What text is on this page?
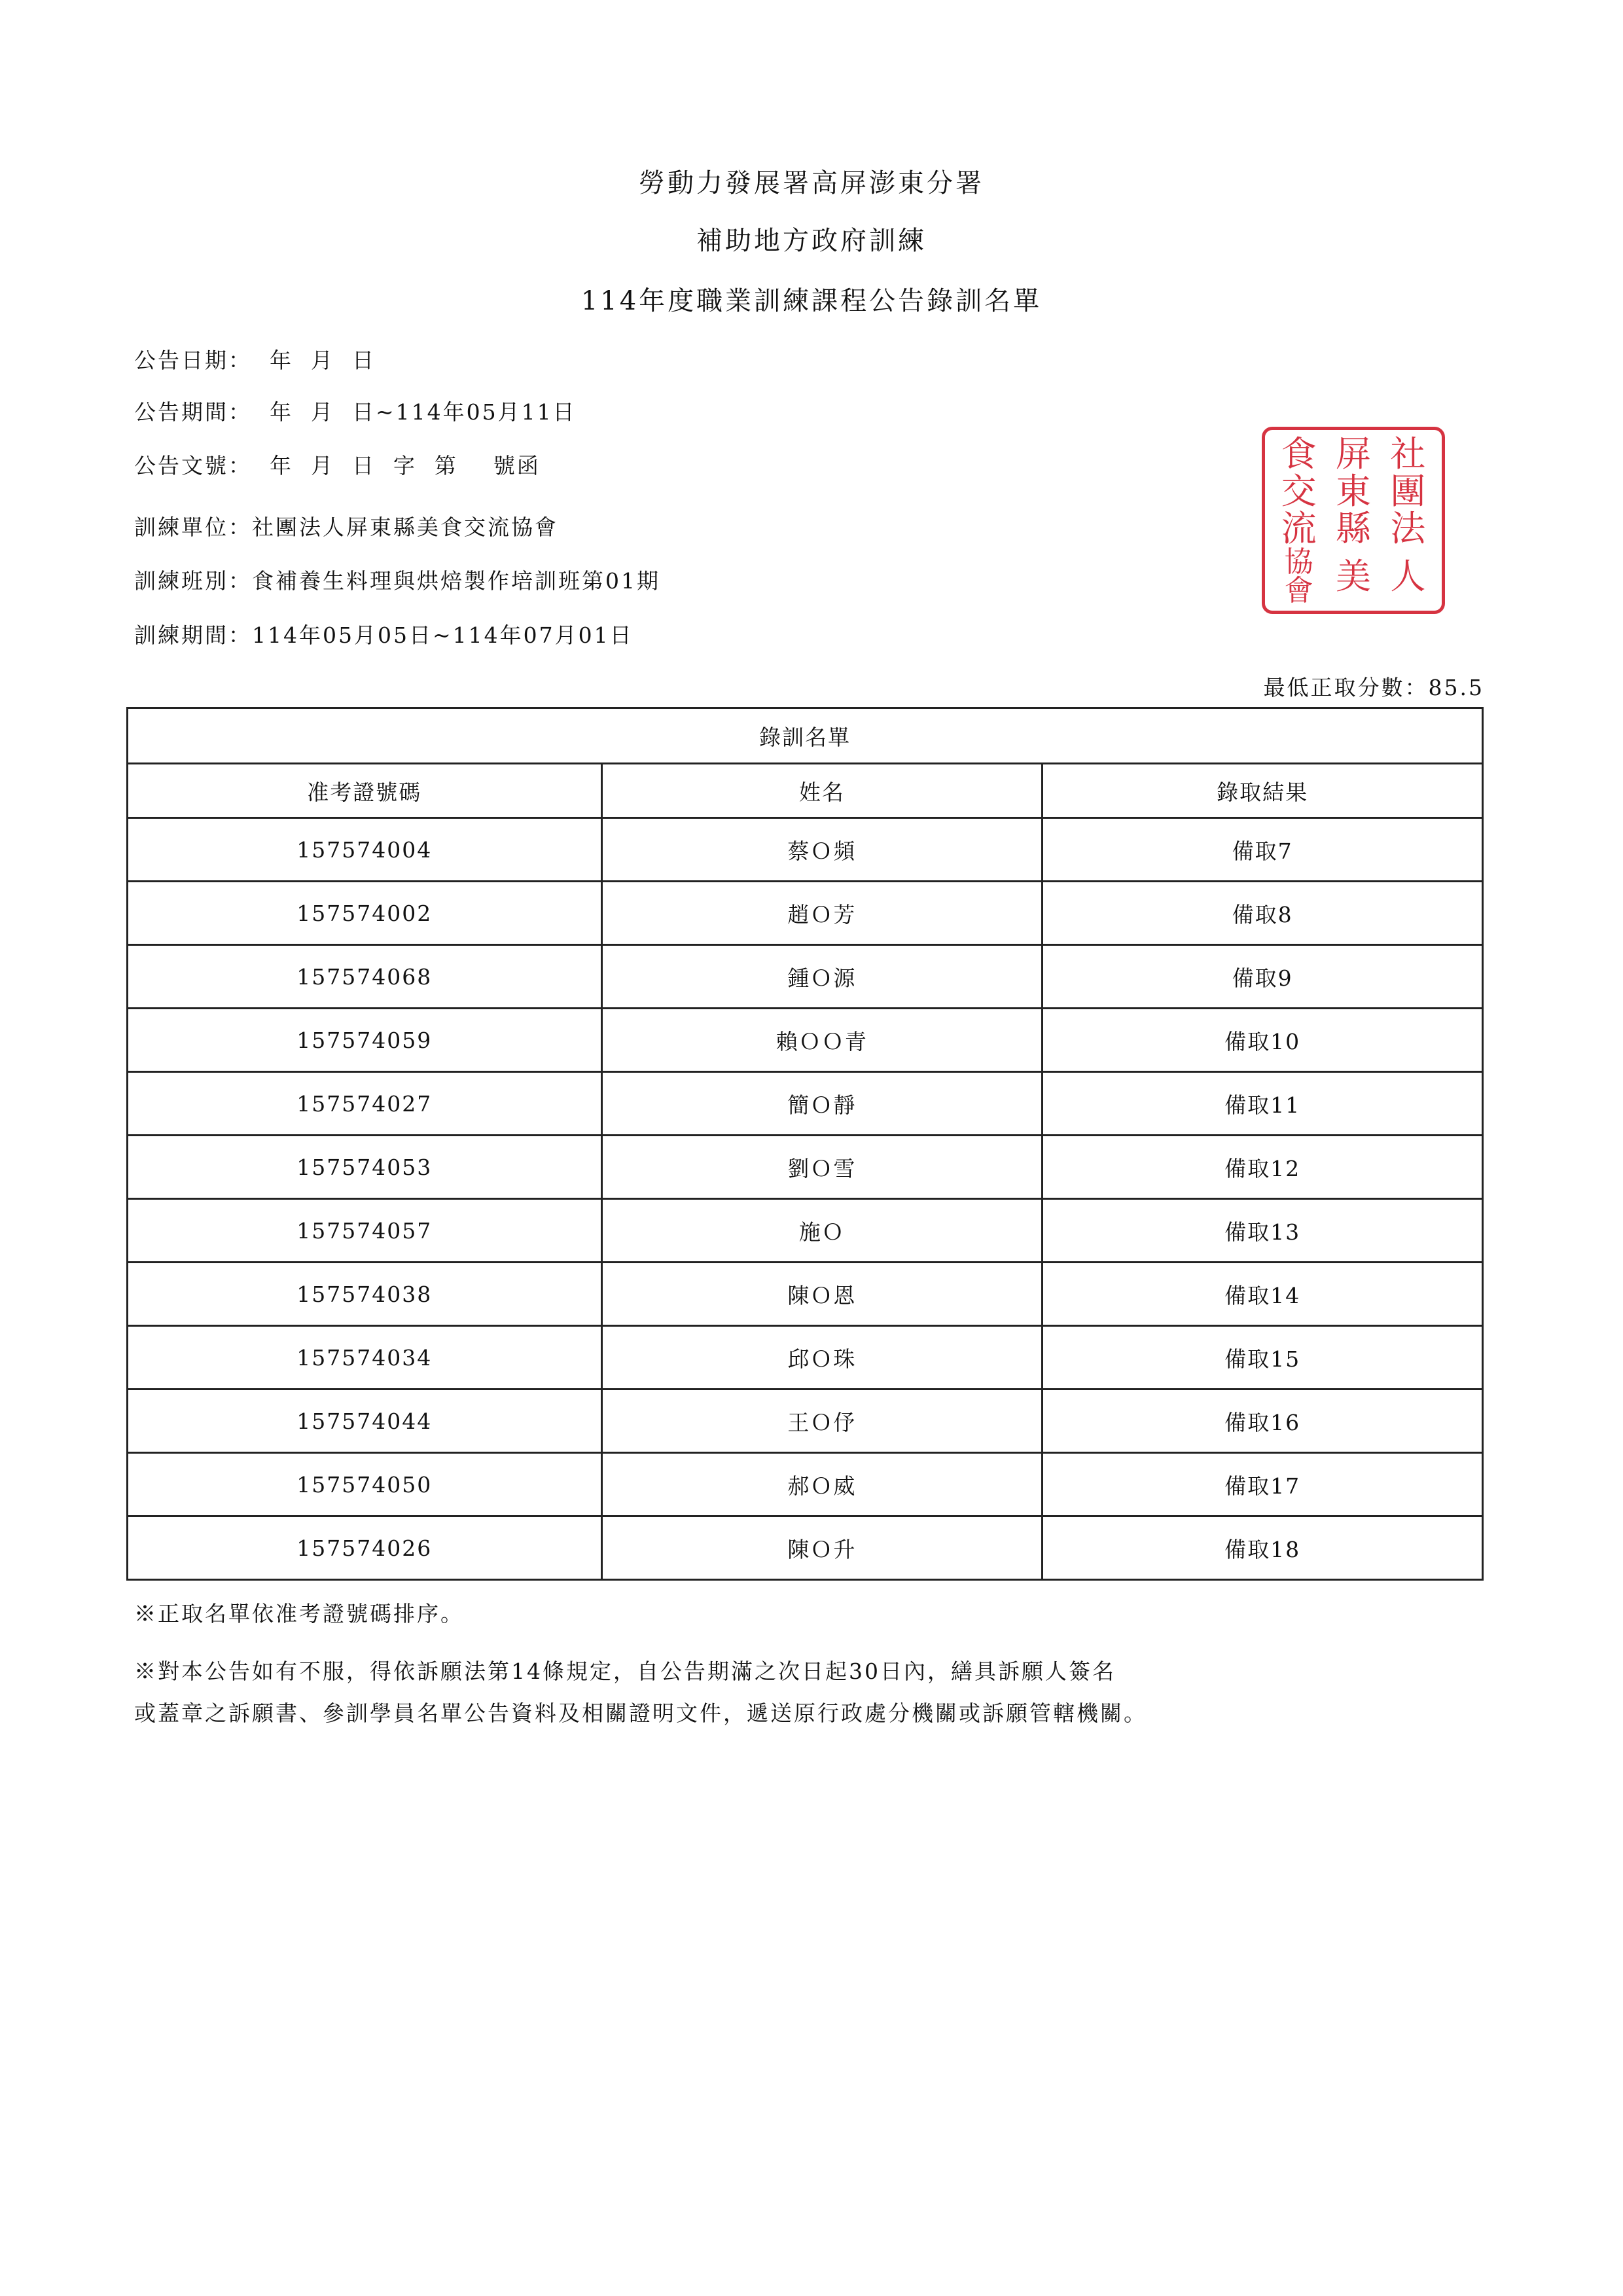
勞動力發展署高屏澎東分署
補助地方政府訓練
114年度職業訓練課程公告錄訓名單
公告日期：  年  月  日
公告期間：  年  月  日~114年05月11日
公告文號：  年  月  日  字  第    號函
訓練單位：社團法人屏東縣美食交流協會
訓練班別：食補養生料理與烘焙製作培訓班第01期
訓練期間：114年05月05日~114年07月01日
社
團
法
人
屏
東
縣
美
食
交
流
協會
最低正取分數：85.5
錄訓名單		
准考證號碼	姓名	錄取結果
157574004	蔡Ｏ頻	備取7
157574002	趙Ｏ芳	備取8
157574068	鍾Ｏ源	備取9
157574059	賴ＯＯ青	備取10
157574027	簡Ｏ靜	備取11
157574053	劉Ｏ雪	備取12
157574057	施Ｏ	備取13
157574038	陳Ｏ恩	備取14
157574034	邱Ｏ珠	備取15
157574044	王Ｏ伃	備取16
157574050	郝Ｏ威	備取17
157574026	陳Ｏ升	備取18
※正取名單依准考證號碼排序。
※對本公告如有不服，得依訴願法第14條規定，自公告期滿之次日起30日內，繕具訴願人簽名
或蓋章之訴願書、參訓學員名單公告資料及相關證明文件，遞送原行政處分機關或訴願管轄機關。
